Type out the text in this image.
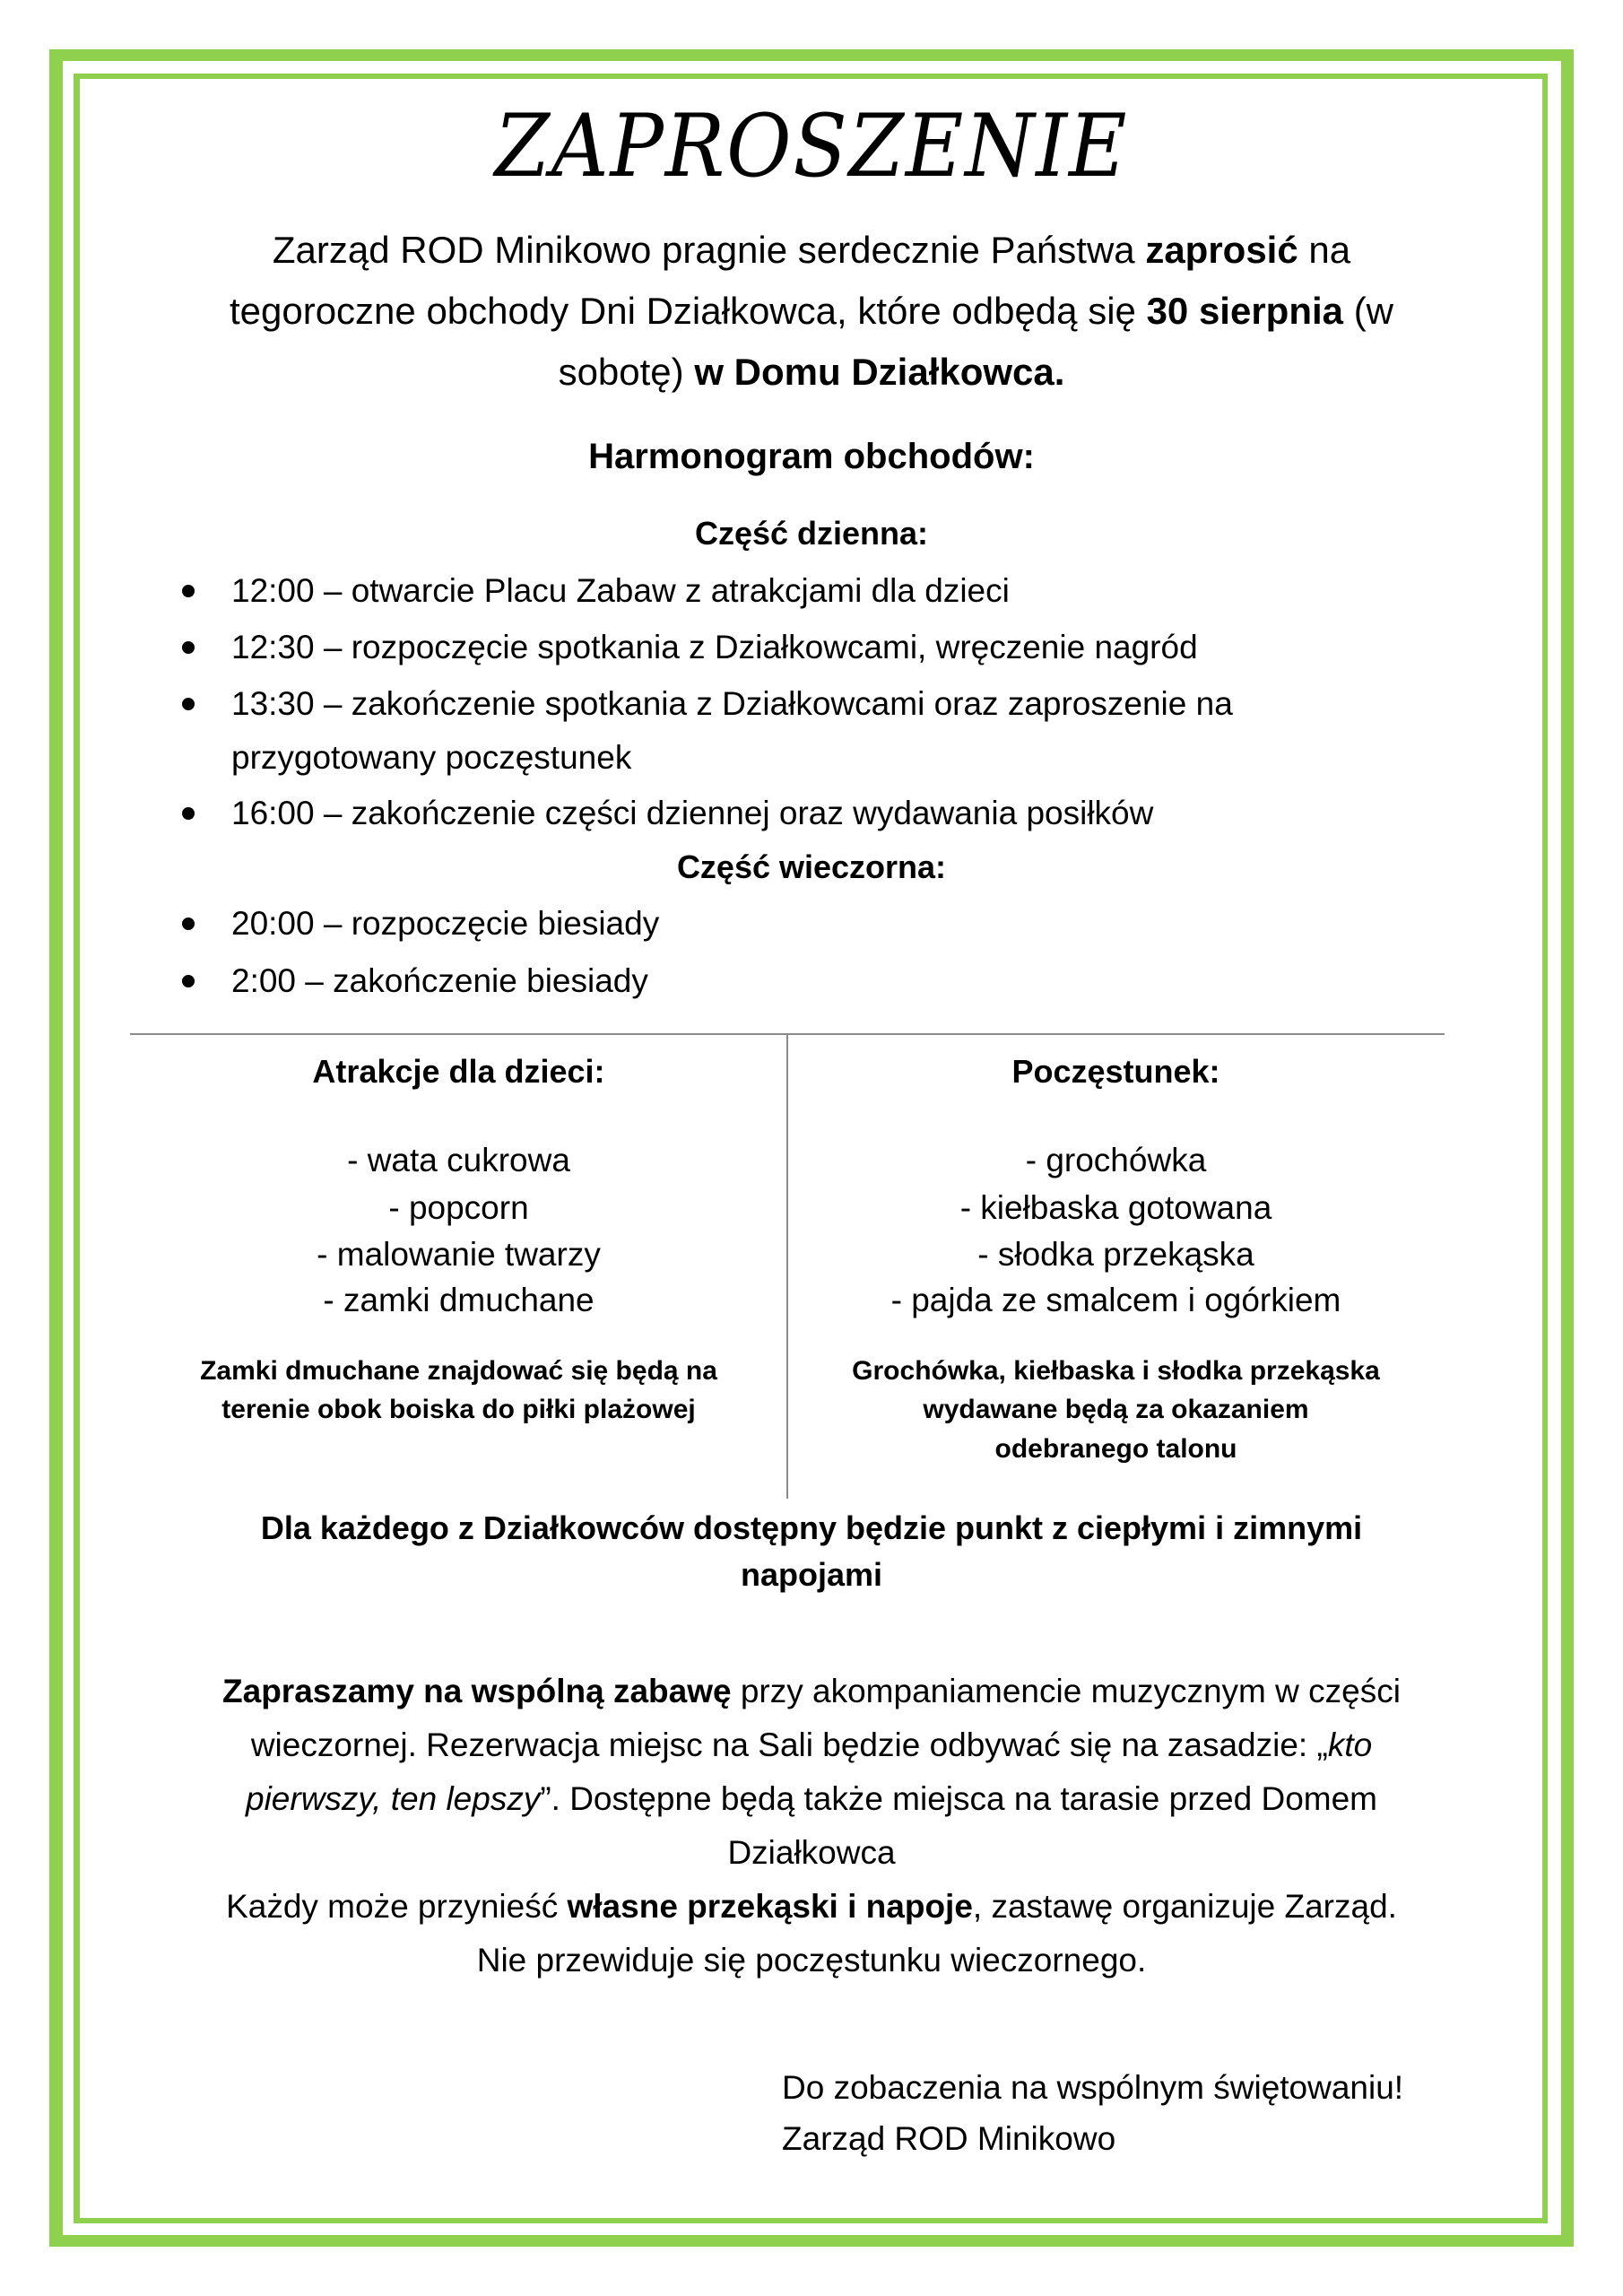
ZAPROSZENIE
Zarząd ROD Minikowo pragnie serdecznie Państwa zaprosić na
tegoroczne obchody Dni Działkowca, które odbędą się 30 sierpnia (w
sobotę) w Domu Działkowca.
Harmonogram obchodów:
Część dzienna:
12:00 – otwarcie Placu Zabaw z atrakcjami dla dzieci
12:30 – rozpoczęcie spotkania z Działkowcami, wręczenie nagród
13:30 – zakończenie spotkania z Działkowcami oraz zaproszenie na
przygotowany poczęstunek
16:00 – zakończenie części dziennej oraz wydawania posiłków
Część wieczorna:
20:00 – rozpoczęcie biesiady
2:00 – zakończenie biesiady
Atrakcje dla dzieci:
- wata cukrowa
- popcorn
- malowanie twarzy
- zamki dmuchane
Zamki dmuchane znajdować się będą na
terenie obok boiska do piłki plażowej
Poczęstunek:
- grochówka
- kiełbaska gotowana
- słodka przekąska
- pajda ze smalcem i ogórkiem
Grochówka, kiełbaska i słodka przekąska
wydawane będą za okazaniem
odebranego talonu
Dla każdego z Działkowców dostępny będzie punkt z ciepłymi i zimnymi
napojami
Zapraszamy na wspólną zabawę przy akompaniamencie muzycznym w części
wieczornej. Rezerwacja miejsc na Sali będzie odbywać się na zasadzie: „kto
pierwszy, ten lepszy”. Dostępne będą także miejsca na tarasie przed Domem
Działkowca
Każdy może przynieść własne przekąski i napoje, zastawę organizuje Zarząd.
Nie przewiduje się poczęstunku wieczornego.
Do zobaczenia na wspólnym świętowaniu!
Zarząd ROD Minikowo
